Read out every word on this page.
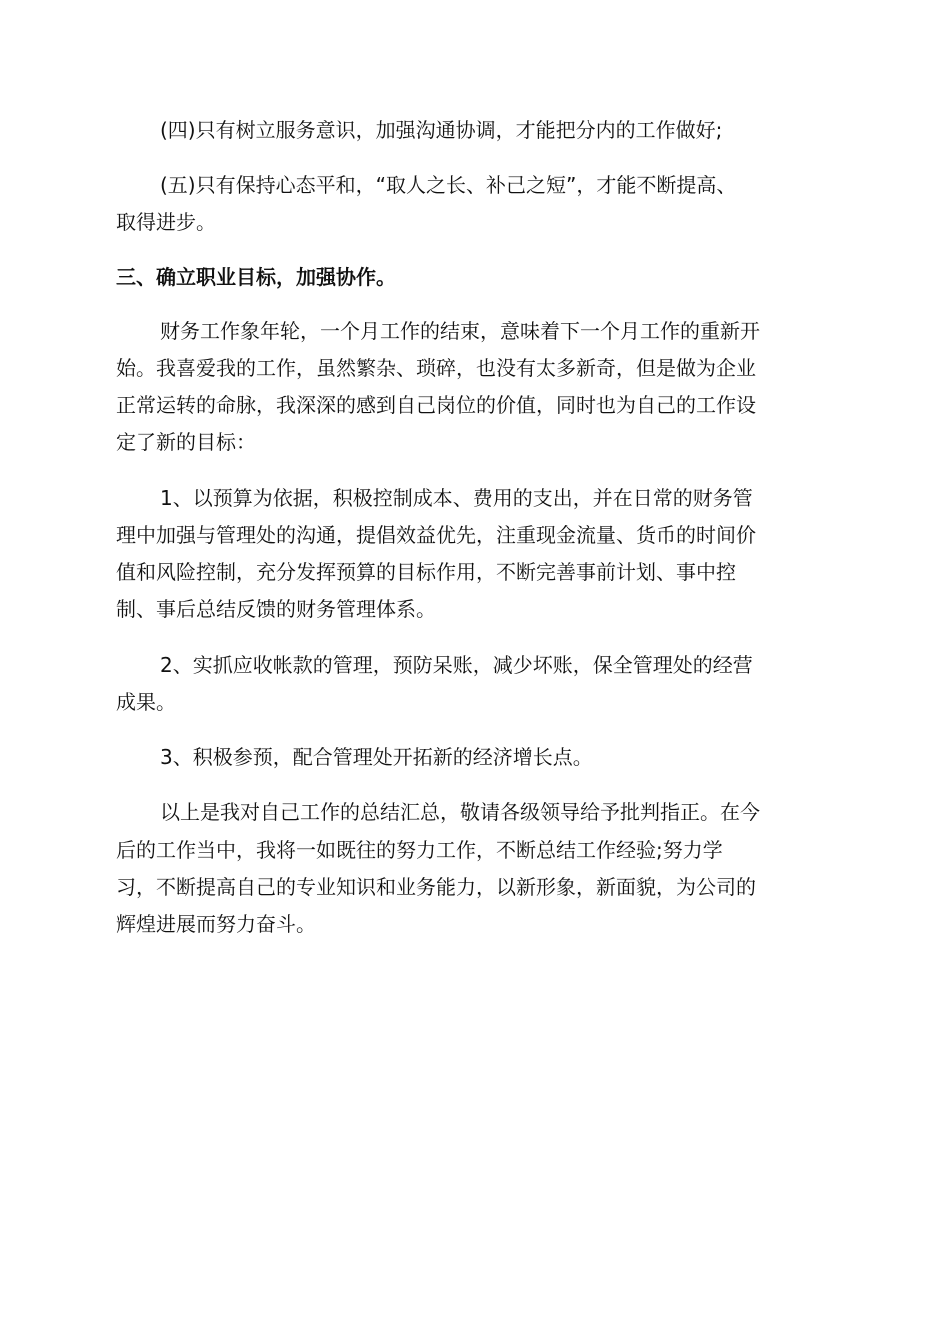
(四)只有树立服务意识，加强沟通协调，才能把分内的工作做好;
(五)只有保持心态平和，“取人之长、补己之短”，才能不断提高、
取得进步。
三、确立职业目标，加强协作。
财务工作象年轮，一个月工作的结束，意味着下一个月工作的重新开
始。我喜爱我的工作，虽然繁杂、琐碎，也没有太多新奇，但是做为企业
正常运转的命脉，我深深的感到自己岗位的价值，同时也为自己的工作设
定了新的目标：
1、以预算为依据，积极控制成本、费用的支出，并在日常的财务管
理中加强与管理处的沟通，提倡效益优先，注重现金流量、货币的时间价
值和风险控制，充分发挥预算的目标作用，不断完善事前计划、事中控
制、事后总结反馈的财务管理体系。
2、实抓应收帐款的管理，预防呆账，减少坏账，保全管理处的经营
成果。
3、积极参预，配合管理处开拓新的经济增长点。
以上是我对自己工作的总结汇总，敬请各级领导给予批判指正。在今
后的工作当中，我将一如既往的努力工作，不断总结工作经验;努力学
习，不断提高自己的专业知识和业务能力，以新形象，新面貌，为公司的
辉煌进展而努力奋斗。
